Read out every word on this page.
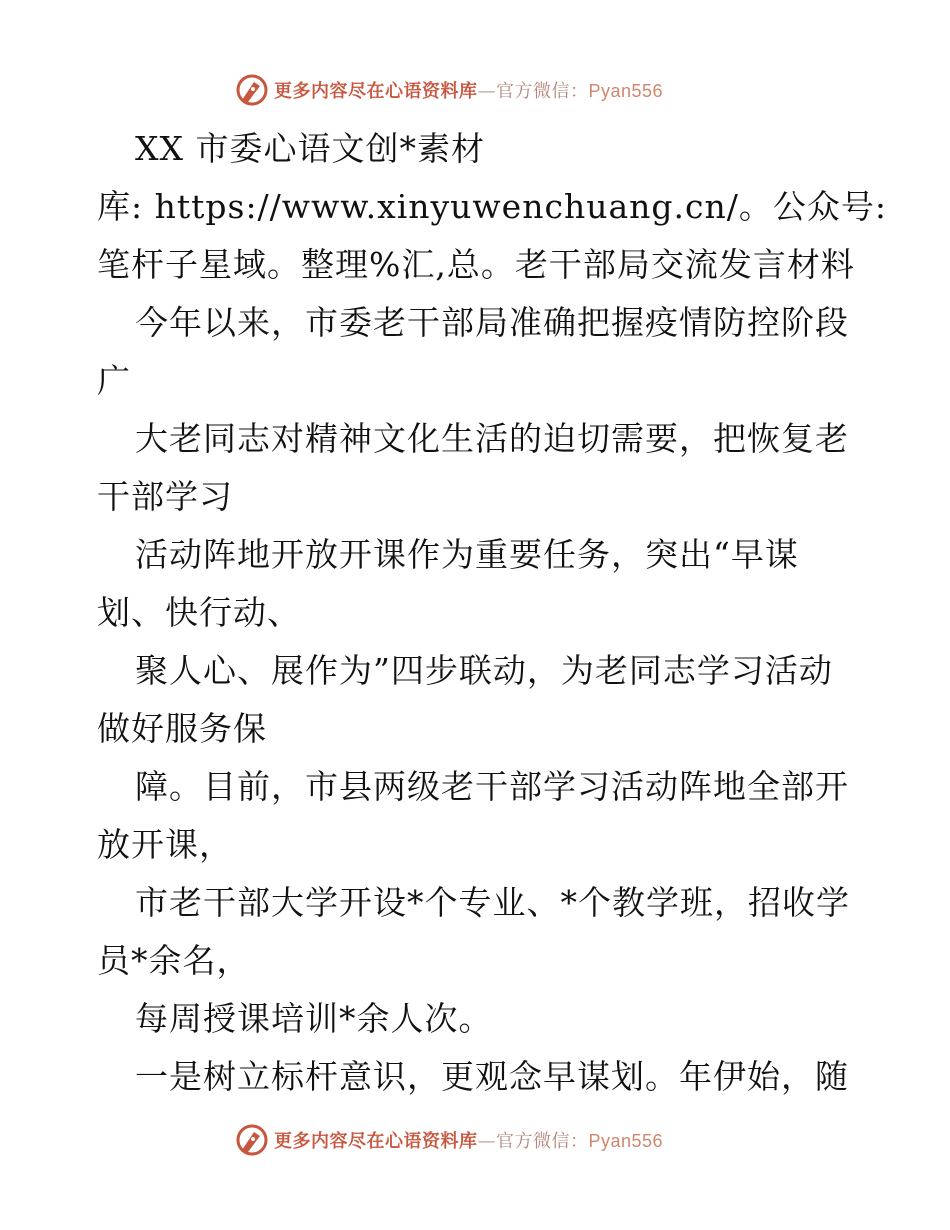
更多内容尽在心语资料库—官方微信：Pyan556
XX 市委心语文创*素材
库: https://www.xinyuwenchuang.cn/。公众号:
笔杆子星域。整理%汇,总。老干部局交流发言材料
今年以来，市委老干部局准确把握疫情防控阶段
广
大老同志对精神文化生活的迫切需要，把恢复老
干部学习
活动阵地开放开课作为重要任务，突出“早谋
划、快行动、
聚人心、展作为”四步联动，为老同志学习活动
做好服务保
障。目前，市县两级老干部学习活动阵地全部开
放开课，
市老干部大学开设*个专业、*个教学班，招收学
员*余名，
每周授课培训*余人次。
一是树立标杆意识，更观念早谋划。年伊始，随
更多内容尽在心语资料库—官方微信：Pyan556
